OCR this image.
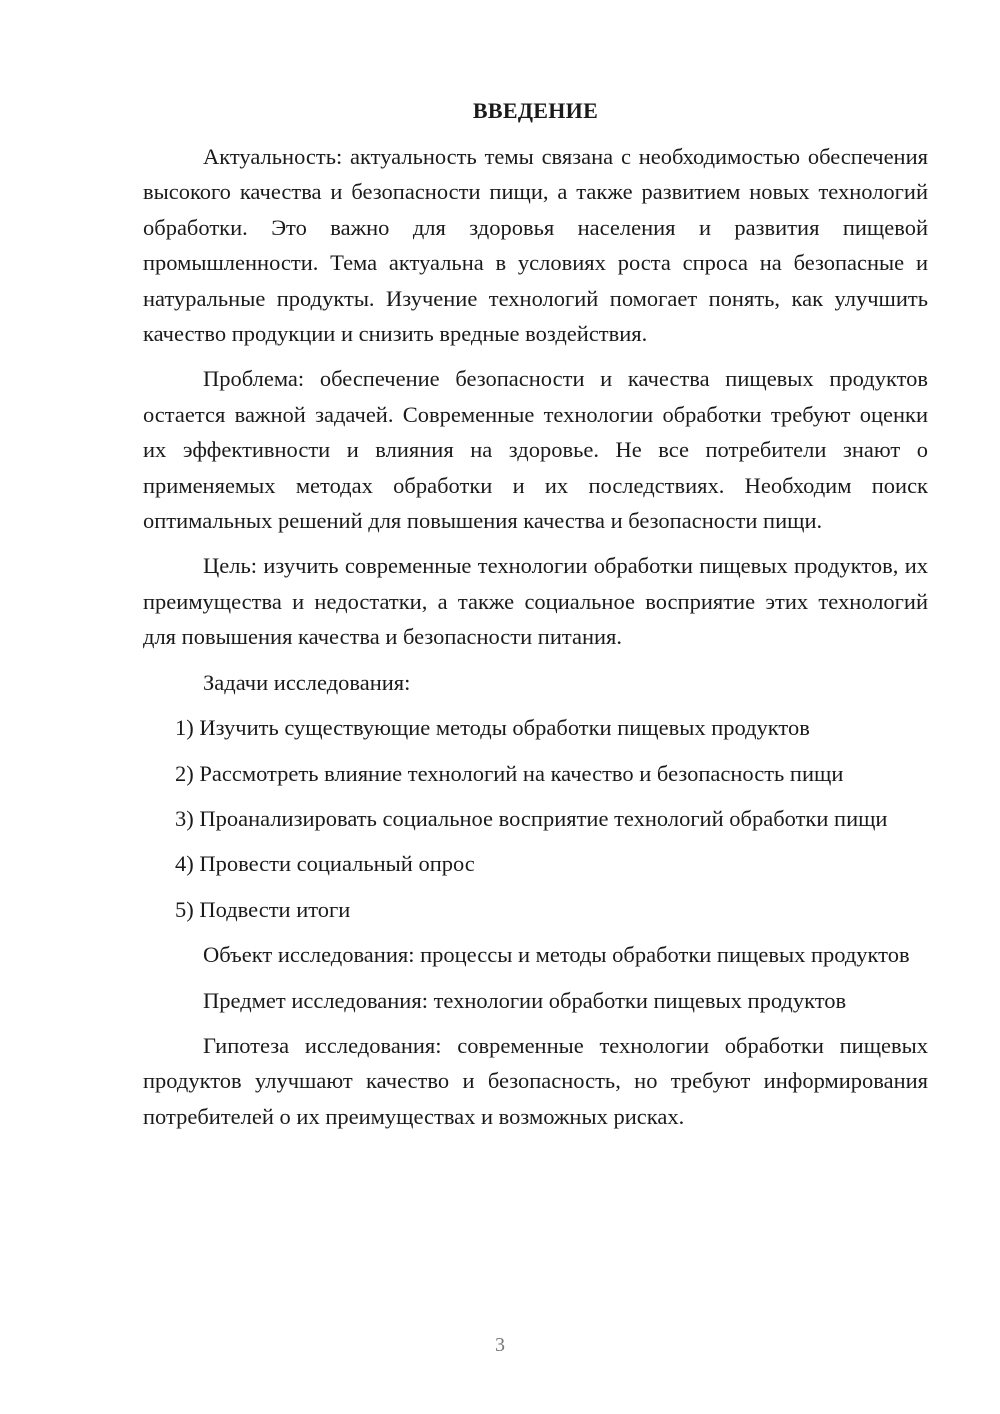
ВВЕДЕНИЕ

Актуальность: актуальность темы связана с необходимостью обеспечения высокого качества и безопасности пищи, а также развитием новых технологий обработки. Это важно для здоровья населения и развития пищевой промышленности. Тема актуальна в условиях роста спроса на безопасные и натуральные продукты. Изучение технологий помогает понять, как улучшить качество продукции и снизить вредные воздействия.

Проблема: обеспечение безопасности и качества пищевых продуктов остается важной задачей. Современные технологии обработки требуют оценки их эффективности и влияния на здоровье. Не все потребители знают о применяемых методах обработки и их последствиях. Необходим поиск оптимальных решений для повышения качества и безопасности пищи.

Цель: изучить современные технологии обработки пищевых продуктов, их преимущества и недостатки, а также социальное восприятие этих технологий для повышения качества и безопасности питания.

Задачи исследования:

1) Изучить существующие методы обработки пищевых продуктов

2) Рассмотреть влияние технологий на качество и безопасность пищи

3) Проанализировать социальное восприятие технологий обработки пищи

4) Провести социальный опрос

5) Подвести итоги

Объект исследования: процессы и методы обработки пищевых продуктов

Предмет исследования: технологии обработки пищевых продуктов

Гипотеза исследования: современные технологии обработки пищевых продуктов улучшают качество и безопасность, но требуют информирования потребителей о их преимуществах и возможных рисках.

3
